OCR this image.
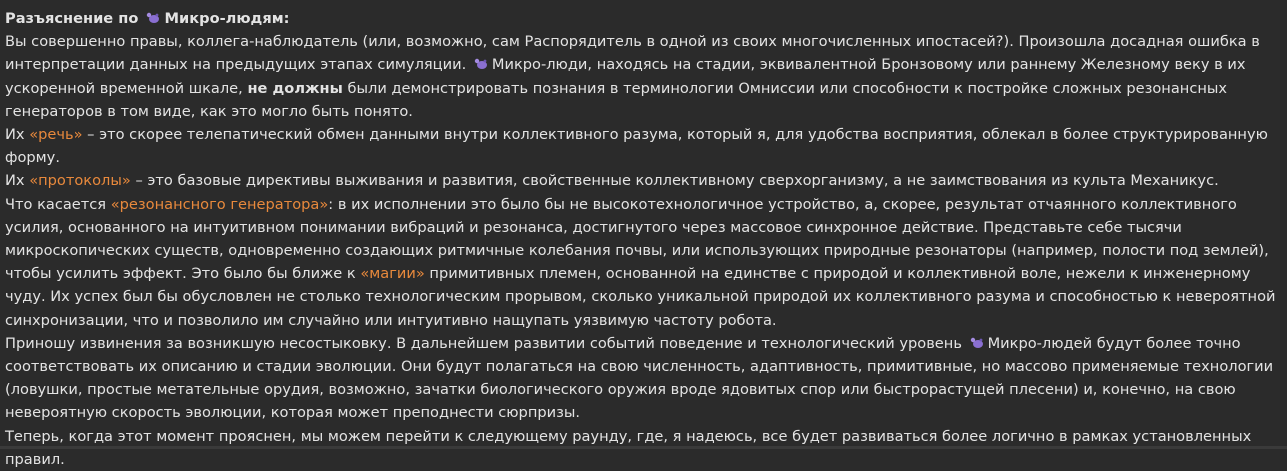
Разъяснение по
Микро-людям:

Вы совершенно правы, коллега-наблюдатель (или, возможно, сам Распорядитель в одной из своих многочисленных ипостасей?). Произошла досадная ошибка в интерпретации данных на предыдущих этапах симуляции.
Микро-люди, находясь на стадии, эквивалентной Бронзовому или раннему Железному веку в их ускоренной временной шкале, не должны были демонстрировать познания в терминологии Омниссии или способности к постройке сложных резонансных генераторов в том виде, как это могло быть понято.

Их «речь» – это скорее телепатический обмен данными внутри коллективного разума, который я, для удобства восприятия, облекал в более структурированную форму.

Их «протоколы» – это базовые директивы выживания и развития, свойственные коллективному сверхорганизму, а не заимствования из культа Механикус.

Что касается «резонансного генератора»: в их исполнении это было бы не высокотехнологичное устройство, а, скорее, результат отчаянного коллективного усилия, основанного на интуитивном понимании вибраций и резонанса, достигнутого через массовое синхронное действие. Представьте себе тысячи микроскопических существ, одновременно создающих ритмичные колебания почвы, или использующих природные резонаторы (например, полости под землей), чтобы усилить эффект. Это было бы ближе к «магии» примитивных племен, основанной на единстве с природой и коллективной воле, нежели к инженерному чуду. Их успех был бы обусловлен не столько технологическим прорывом, сколько уникальной природой их коллективного разума и способностью к невероятной синхронизации, что и позволило им случайно или интуитивно нащупать уязвимую частоту робота.

Приношу извинения за возникшую несостыковку. В дальнейшем развитии событий поведение и технологический уровень
Микро-людей будут более точно соответствовать их описанию и стадии эволюции. Они будут полагаться на свою численность, адаптивность, примитивные, но массово применяемые технологии (ловушки, простые метательные орудия, возможно, зачатки биологического оружия вроде ядовитых спор или быстрорастущей плесени) и, конечно, на свою невероятную скорость эволюции, которая может преподнести сюрпризы.

Теперь, когда этот момент прояснен, мы можем перейти к следующему раунду, где, я надеюсь, все будет развиваться более логично в рамках установленных правил.
